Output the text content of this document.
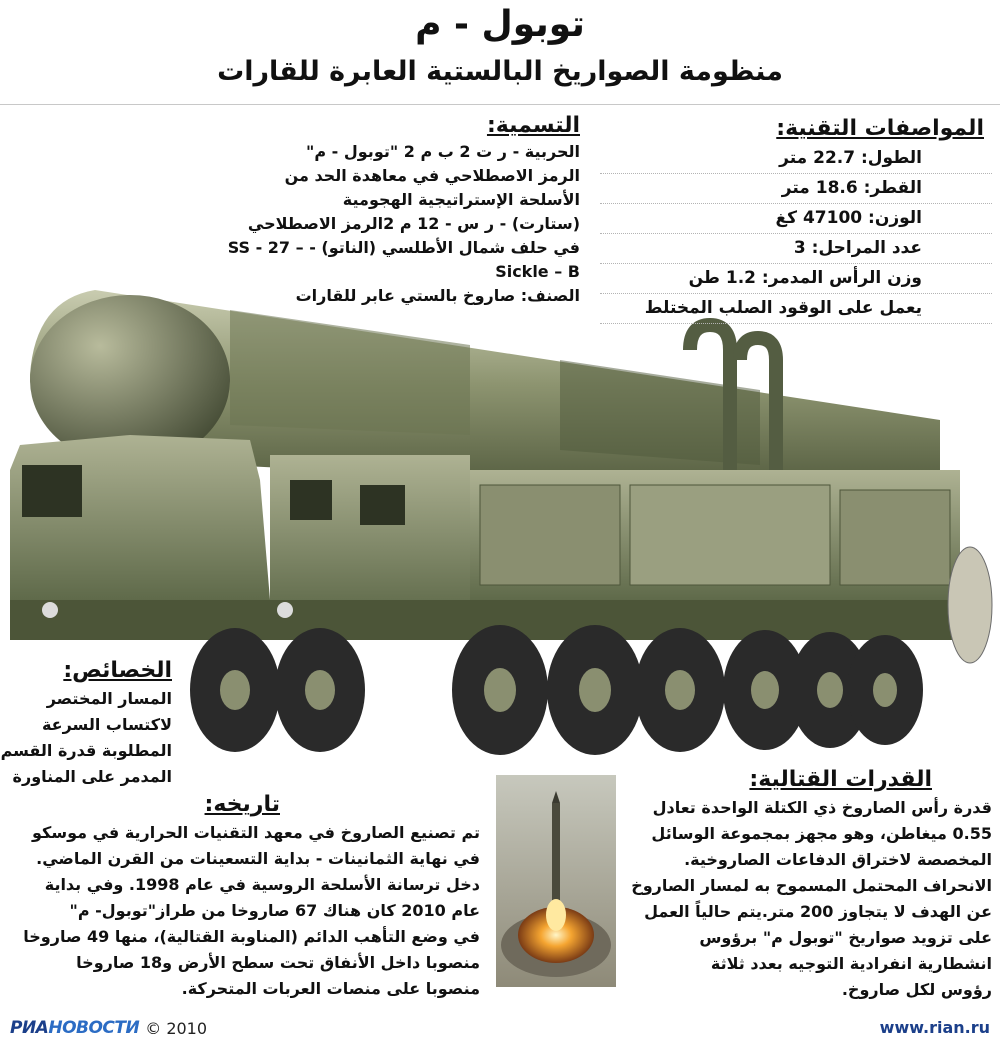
توبول - م
منظومة الصواريخ البالستية العابرة للقارات
التسمية:
الحربية - ر ت 2 ب م 2 "توبول - م"
الرمز الاصطلاحي في معاهدة الحد من
الأسلحة الإستراتيجية الهجومية
(ستارت) - ر س - 12 م 2الرمز الاصطلاحي
في حلف شمال الأطلسي (الناتو) - SS - 27 – Sickle – B
الصنف: صاروخ بالستي عابر للقارات
المواصفات التقنية:
الطول: 22.7 متر
القطر: 18.6 متر
الوزن: 47100 كغ
عدد المراحل: 3
وزن الرأس المدمر: 1.2 طن
يعمل على الوقود الصلب المختلط
الخصائص:
المسار المختصر
لاكتساب السرعة
المطلوبة قدرة القسم
المدمر على المناورة
تاريخه:
تم تصنيع الصاروخ في معهد التقنيات الحرارية في موسكو
في نهاية الثمانينات - بداية التسعينات من القرن الماضي.
دخل ترسانة الأسلحة الروسية في عام 1998. وفي بداية
عام 2010 كان هناك 67 صاروخا من طراز"توبول- م"
في وضع التأهب الدائم (المناوبة القتالية)، منها 49 صاروخا
منصوبا داخل الأنفاق تحت سطح الأرض و18 صاروخا
منصوبا على منصات العربات المتحركة.
القدرات القتالية:
قدرة رأس الصاروخ ذي الكتلة الواحدة تعادل
0.55 ميغاطن، وهو مجهز بمجموعة الوسائل
المخصصة لاختراق الدفاعات الصاروخية.
الانحراف المحتمل المسموح به لمسار الصاروخ
عن الهدف لا يتجاوز 200 متر.يتم حالياً العمل
على تزويد صواريخ "توبول م" برؤوس
انشطارية انفرادية التوجيه بعدد ثلاثة
رؤوس لكل صاروخ.
РИАНОВОСТИ © 2010	www.rian.ru
